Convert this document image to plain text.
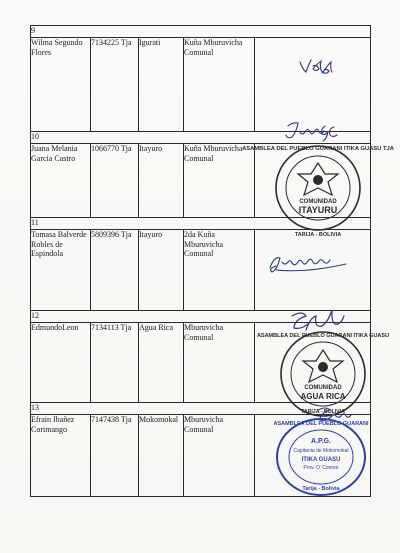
9				
Wilma Segundo Flores	7134225 Tja	Igurati	Kuña Mburuvicha Comunal	
10				
Juana Melania Garcia Castro	1066770 Tja	Itayuro	Kuña Mburuvicha Comunal	
11				
Tomasa Balverde Robles de Espindola	5809396 Tja	Itayuro	2da Kuña Mburuvicha Comunal	
12				
EdmundoLeon	7134113 Tja	Agua Rica	Mburuvicha Comunal	
13				
Efrain Ibañez Corimango	7147438 Tja	Mokomokal	Mburuvicha Comunal	
ASAMBLEA DEL PUEBLO GUARANI ITIKA GUASU TJA
COMUNIDAD
ITAYURU
TARIJA - BOLIVIA
ASAMBLEA DEL PUEBLO GUARANI ITIKA GUASU
COMUNIDAD
AGUA RICA
TARIJA - BOLIVIA
ASAMBLEA DEL PUEBLO GUARANI
A.P.G.
Capitania de Mokomokal
ITIKA GUASU
Prov. O' Connor
Tarija - Bolivia
